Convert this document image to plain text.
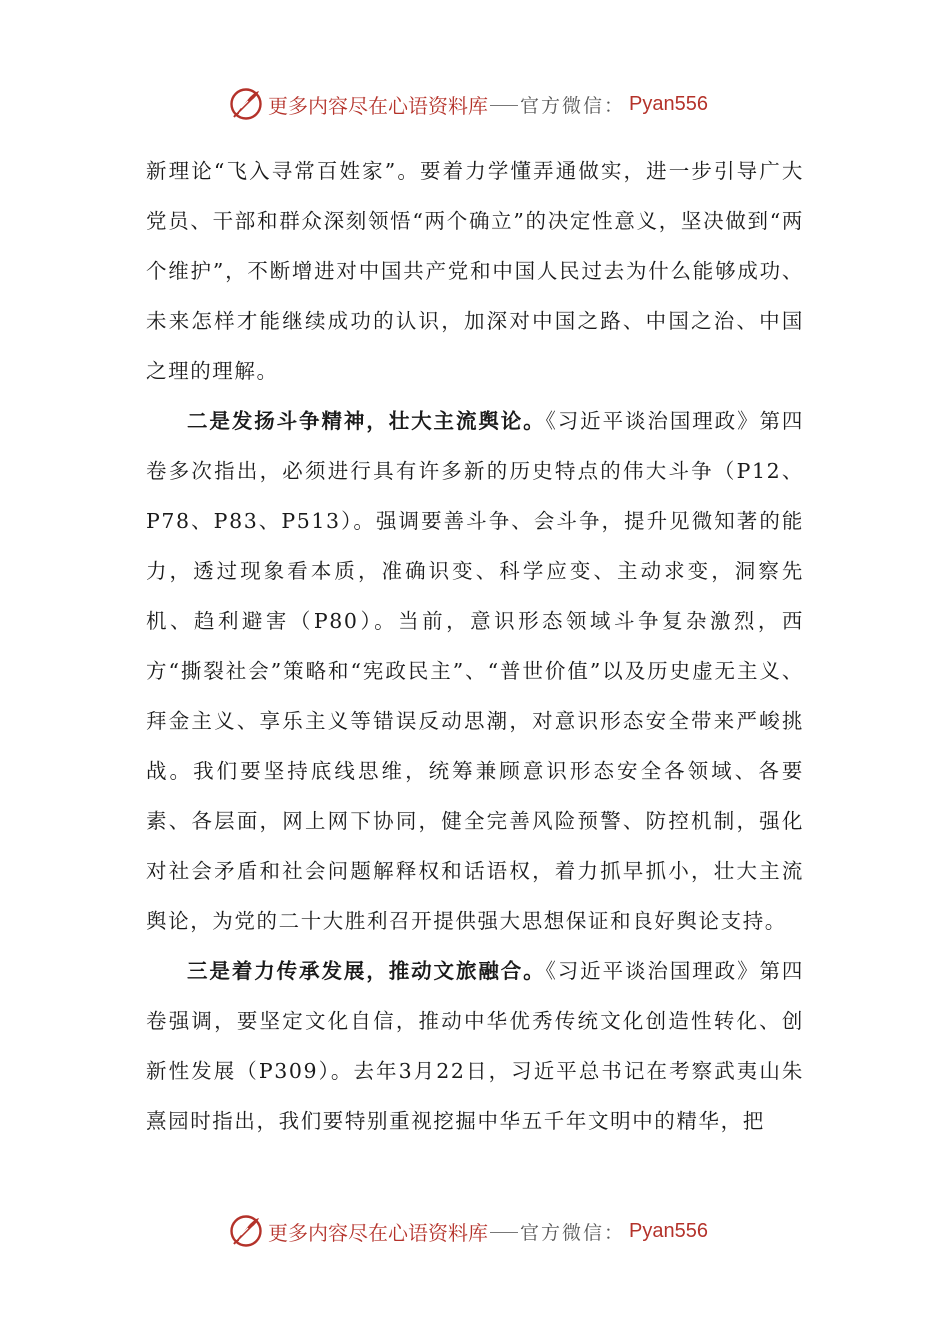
更多内容尽在心语资料库 官方微信： Pyan556

新理论“飞入寻常百姓家”。要着力学懂弄通做实，进一步引导广大党员、干部和群众深刻领悟“两个确立”的决定性意义，坚决做到“两个维护”，不断增进对中国共产党和中国人民过去为什么能够成功、未来怎样才能继续成功的认识，加深对中国之路、中国之治、中国之理的理解。

二是发扬斗争精神，壮大主流舆论。《习近平谈治国理政》第四卷多次指出，必须进行具有许多新的历史特点的伟大斗争（P12、P78、P83、P513）。强调要善斗争、会斗争，提升见微知著的能力，透过现象看本质，准确识变、科学应变、主动求变，洞察先机、趋利避害（P80）。当前，意识形态领域斗争复杂激烈，西方“撕裂社会”策略和“宪政民主”、“普世价值”以及历史虚无主义、拜金主义、享乐主义等错误反动思潮，对意识形态安全带来严峻挑战。我们要坚持底线思维，统筹兼顾意识形态安全各领域、各要素、各层面，网上网下协同，健全完善风险预警、防控机制，强化对社会矛盾和社会问题解释权和话语权，着力抓早抓小，壮大主流舆论，为党的二十大胜利召开提供强大思想保证和良好舆论支持。

三是着力传承发展，推动文旅融合。《习近平谈治国理政》第四卷强调，要坚定文化自信，推动中华优秀传统文化创造性转化、创新性发展（P309）。去年3月22日，习近平总书记在考察武夷山朱熹园时指出，我们要特别重视挖掘中华五千年文明中的精华，把

更多内容尽在心语资料库 官方微信： Pyan556
